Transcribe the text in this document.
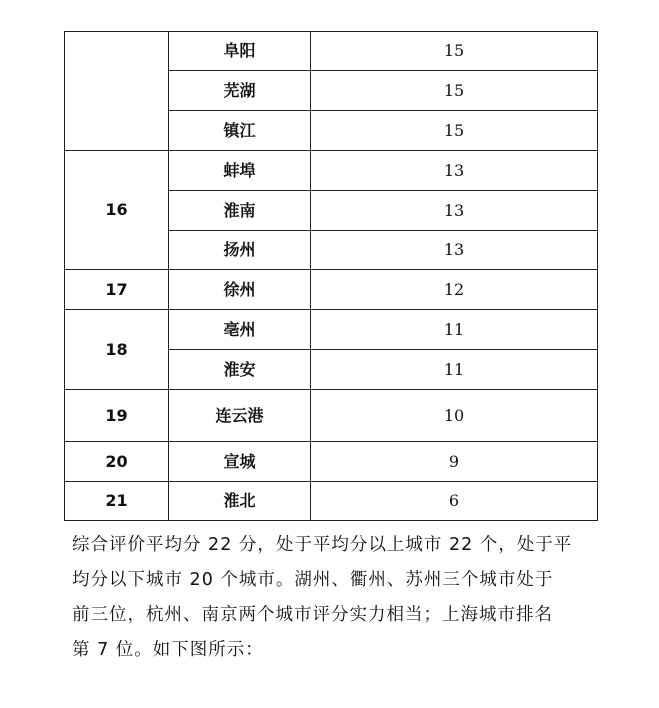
	阜阳	15
	芜湖	15
	镇江	15
16	蚌埠	13
	淮南	13
	扬州	13
17	徐州	12
18	亳州	11
	淮安	11
19	连云港	10
20	宣城	9
21	淮北	6
综合评价平均分 22 分，处于平均分以上城市 22 个，处于平
均分以下城市 20 个城市。湖州、衢州、苏州三个城市处于
前三位，杭州、南京两个城市评分实力相当；上海城市排名
第 7 位。如下图所示：
